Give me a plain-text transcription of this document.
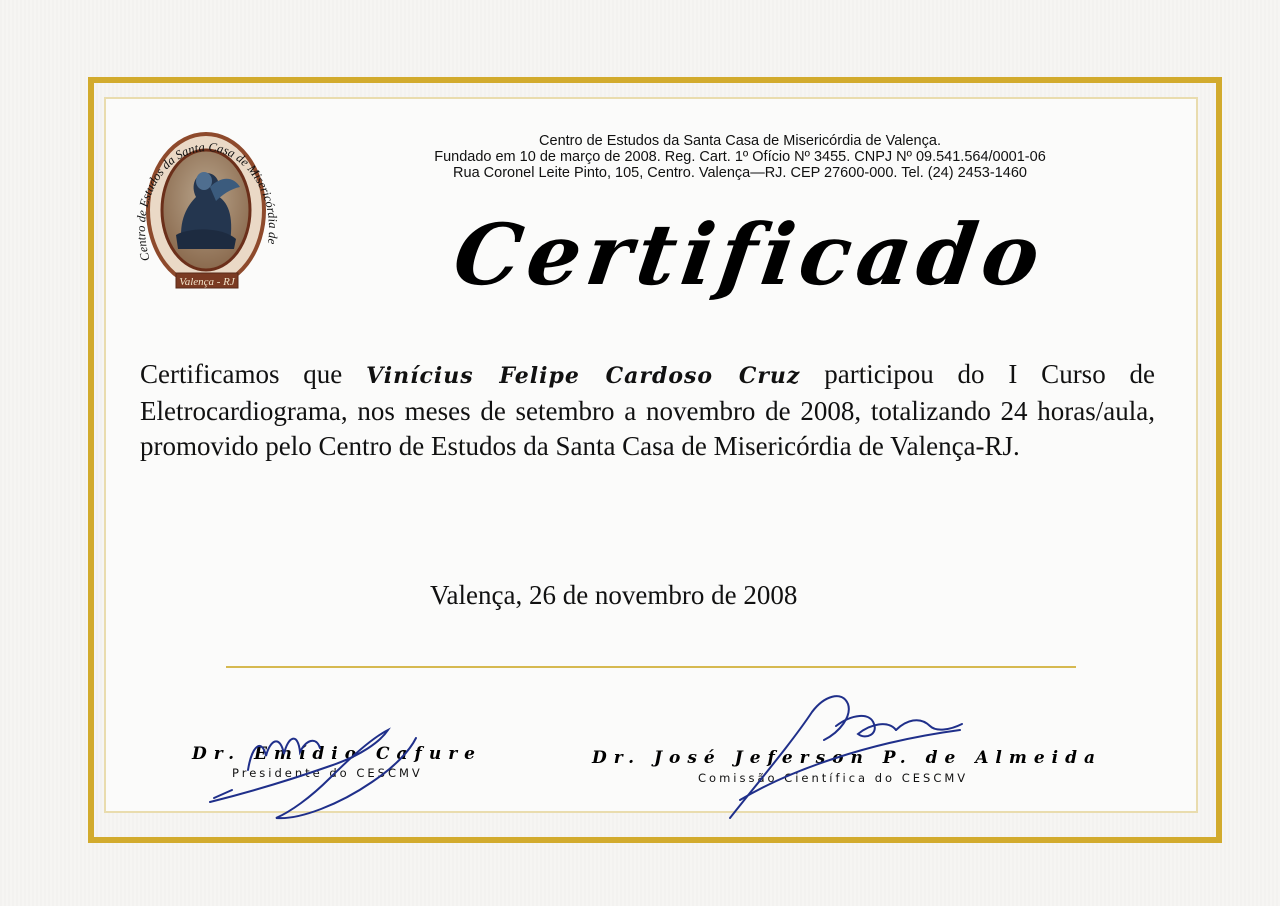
Valença - RJ
Centro de Estudos da Santa Casa de Misericórdia de
Centro de Estudos da Santa Casa de Misericórdia de Valença.
Fundado em 10 de março de 2008. Reg. Cart. 1º Ofício Nº 3455. CNPJ Nº 09.541.564/0001-06
Rua Coronel Leite Pinto, 105, Centro. Valença—RJ. CEP 27600-000. Tel. (24) 2453-1460
Certificado
Certificamos que Vinícius Felipe Cardoso Cruz participou do I Curso de Eletrocardiograma, nos meses de setembro a novembro de 2008, totalizando 24 horas/aula, promovido pelo Centro de Estudos da Santa Casa de Misericórdia de Valença-RJ.
Valença, 26 de novembro de 2008
Dr. Emídio Cafure
Presidente do CESCMV
Dr. José Jeferson P. de Almeida
Comissão Científica do CESCMV
